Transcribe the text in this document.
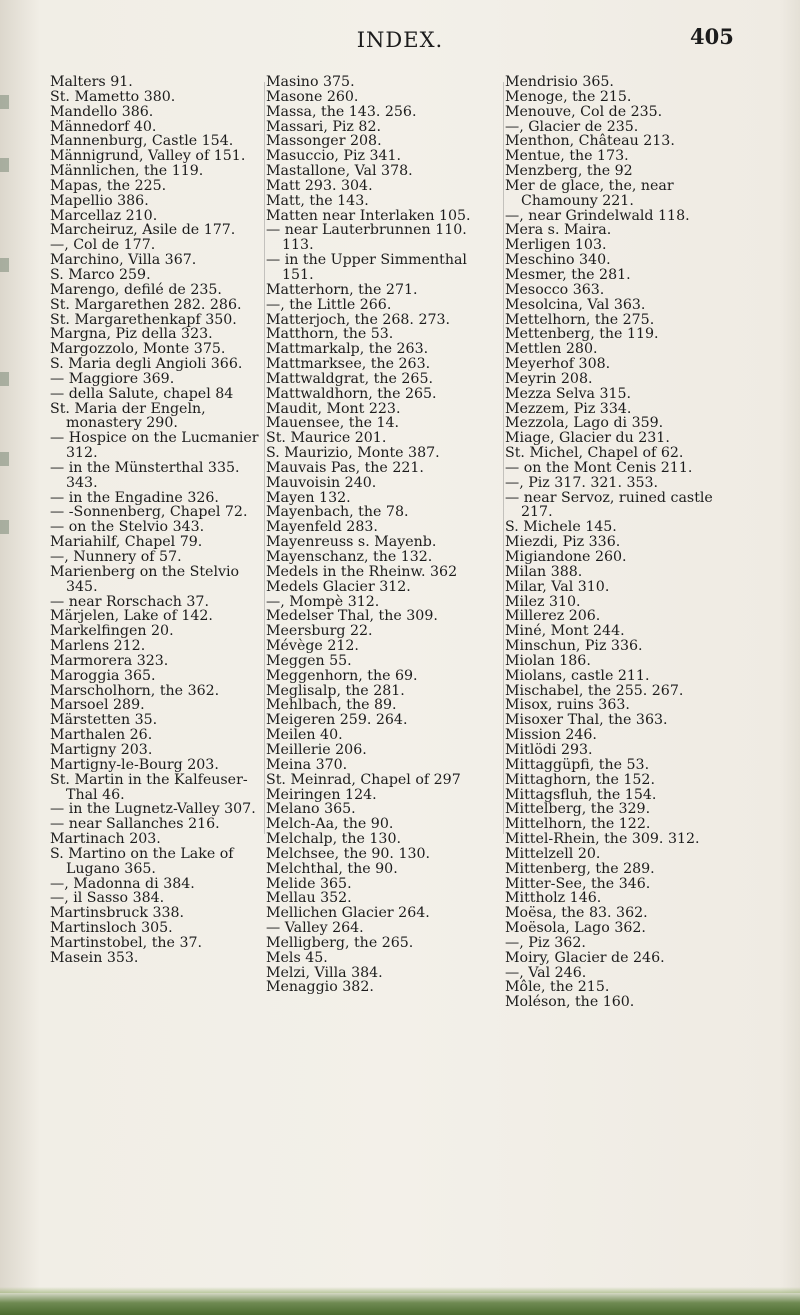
INDEX.	405
Malters 91.
St. Mametto 380.
Mandello 386.
Männedorf 40.
Mannenburg, Castle 154.
Männigrund, Valley of 151.
Männlichen, the 119.
Mapas, the 225.
Mapellio 386.
Marcellaz 210.
Marcheiruz, Asile de 177.
—, Col de 177.
Marchino, Villa 367.
S. Marco 259.
Marengo, defilé de 235.
St. Margarethen 282. 286.
St. Margarethenkapf 350.
Margna, Piz della 323.
Margozzolo, Monte 375.
S. Maria degli Angioli 366.
— Maggiore 369.
— della Salute, chapel 84
St. Maria der Engeln, monastery 290.
— Hospice on the Lucmanier 312.
— in the Münsterthal 335. 343.
— in the Engadine 326.
— -Sonnenberg, Chapel 72.
— on the Stelvio 343.
Mariahilf, Chapel 79.
—, Nunnery of 57.
Marienberg on the Stelvio 345.
— near Rorschach 37.
Märjelen, Lake of 142.
Markelfingen 20.
Marlens 212.
Marmorera 323.
Maroggia 365.
Marscholhorn, the 362.
Marsoel 289.
Märstetten 35.
Marthalen 26.
Martigny 203.
Martigny-le-Bourg 203.
St. Martin in the Kalfeuser-Thal 46.
— in the Lugnetz-Valley 307.
— near Sallanches 216.
Martinach 203.
S. Martino on the Lake of Lugano 365.
—, Madonna di 384.
—, il Sasso 384.
Martinsbruck 338.
Martinsloch 305.
Martinstobel, the 37.
Masein 353.
Masino 375.
Masone 260.
Massa, the 143. 256.
Massari, Piz 82.
Massonger 208.
Masuccio, Piz 341.
Mastallone, Val 378.
Matt 293. 304.
Matt, the 143.
Matten near Interlaken 105.
— near Lauterbrunnen 110. 113.
— in the Upper Simmenthal 151.
Matterhorn, the 271.
—, the Little 266.
Matterjoch, the 268. 273.
Matthorn, the 53.
Mattmarkalp, the 263.
Mattmarksee, the 263.
Mattwaldgrat, the 265.
Mattwaldhorn, the 265.
Maudit, Mont 223.
Mauensee, the 14.
St. Maurice 201.
S. Maurizio, Monte 387.
Mauvais Pas, the 221.
Mauvoisin 240.
Mayen 132.
Mayenbach, the 78.
Mayenfeld 283.
Mayenreuss s. Mayenb.
Mayenschanz, the 132.
Medels in the Rheinw. 362
Medels Glacier 312.
—, Mompè 312.
Medelser Thal, the 309.
Meersburg 22.
Mévège 212.
Meggen 55.
Meggenhorn, the 69.
Meglisalp, the 281.
Mehlbach, the 89.
Meigeren 259. 264.
Meilen 40.
Meillerie 206.
Meina 370.
St. Meinrad, Chapel of 297
Meiringen 124.
Melano 365.
Melch-Aa, the 90.
Melchalp, the 130.
Melchsee, the 90. 130.
Melchthal, the 90.
Melide 365.
Mellau 352.
Mellichen Glacier 264.
— Valley 264.
Melligberg, the 265.
Mels 45.
Melzi, Villa 384.
Menaggio 382.
Mendrisio 365.
Menoge, the 215.
Menouve, Col de 235.
—, Glacier de 235.
Menthon, Château 213.
Mentue, the 173.
Menzberg, the 92
Mer de glace, the, near Chamouny 221.
—, near Grindelwald 118.
Mera s. Maira.
Merligen 103.
Meschino 340.
Mesmer, the 281.
Mesocco 363.
Mesolcina, Val 363.
Mettelhorn, the 275.
Mettenberg, the 119.
Mettlen 280.
Meyerhof 308.
Meyrin 208.
Mezza Selva 315.
Mezzem, Piz 334.
Mezzola, Lago di 359.
Miage, Glacier du 231.
St. Michel, Chapel of 62.
— on the Mont Cenis 211.
—, Piz 317. 321. 353.
— near Servoz, ruined castle 217.
S. Michele 145.
Miezdi, Piz 336.
Migiandone 260.
Milan 388.
Milar, Val 310.
Milez 310.
Millerez 206.
Miné, Mont 244.
Minschun, Piz 336.
Miolan 186.
Miolans, castle 211.
Mischabel, the 255. 267.
Misox, ruins 363.
Misoxer Thal, the 363.
Mission 246.
Mitlödi 293.
Mittaggüpfi, the 53.
Mittaghorn, the 152.
Mittagsfluh, the 154.
Mittelberg, the 329.
Mittelhorn, the 122.
Mittel-Rhein, the 309. 312.
Mittelzell 20.
Mittenberg, the 289.
Mitter-See, the 346.
Mittholz 146.
Moësa, the 83. 362.
Moësola, Lago 362.
—, Piz 362.
Moiry, Glacier de 246.
—, Val 246.
Môle, the 215.
Moléson, the 160.
